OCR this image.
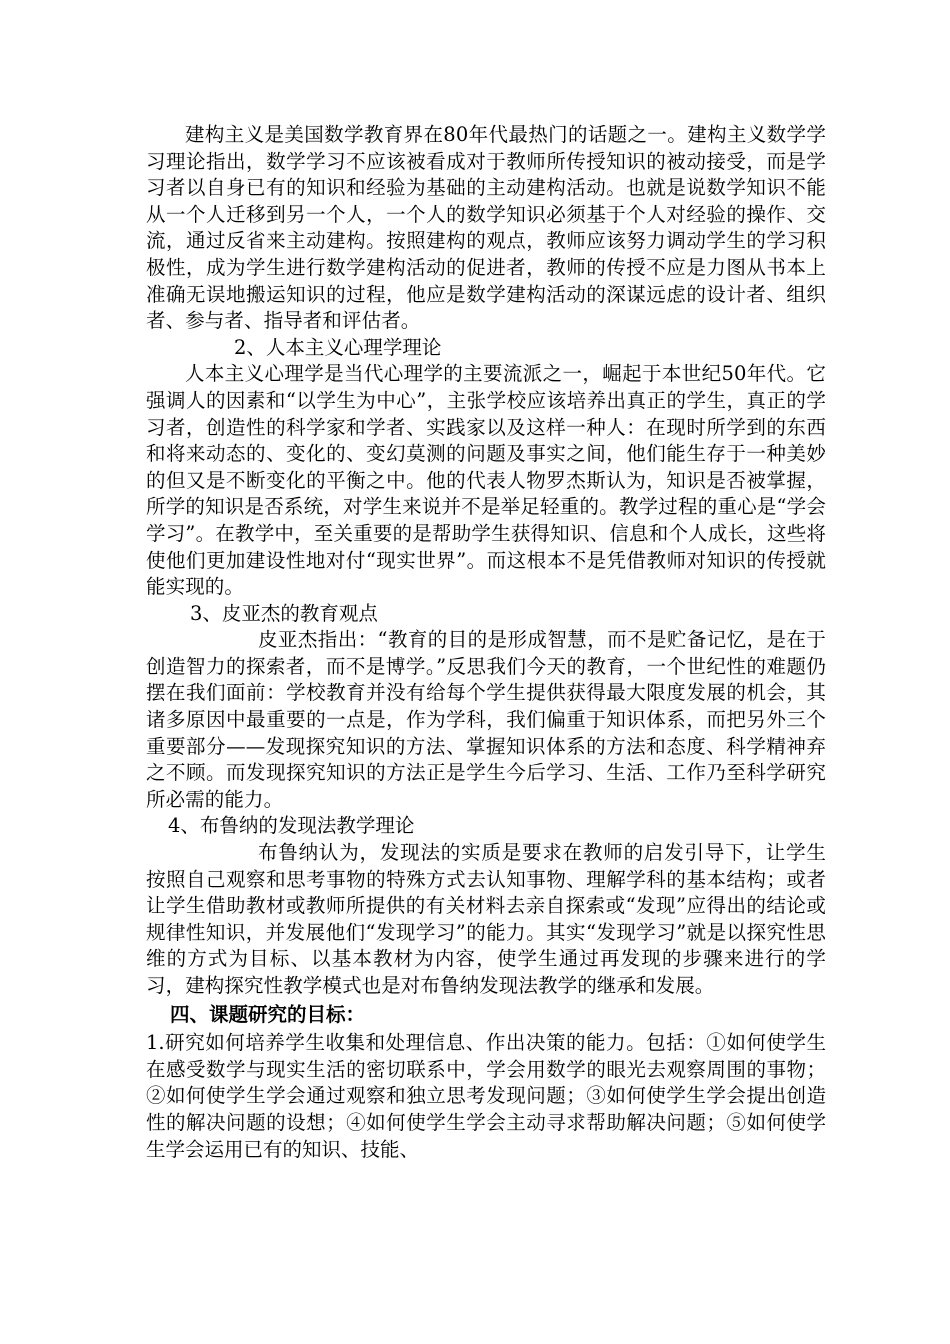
建构主义是美国数学教育界在80年代最热门的话题之一。建构主义数学学习理论指出，数学学习不应该被看成对于教师所传授知识的被动接受，而是学习者以自身已有的知识和经验为基础的主动建构活动。也就是说数学知识不能从一个人迁移到另一个人，一个人的数学知识必须基于个人对经验的操作、交流，通过反省来主动建构。按照建构的观点，教师应该努力调动学生的学习积极性，成为学生进行数学建构活动的促进者，教师的传授不应是力图从书本上准确无误地搬运知识的过程，他应是数学建构活动的深谋远虑的设计者、组织者、参与者、指导者和评估者。

2、人本主义心理学理论

人本主义心理学是当代心理学的主要流派之一，崛起于本世纪50年代。它强调人的因素和“以学生为中心”，主张学校应该培养出真正的学生，真正的学习者，创造性的科学家和学者、实践家以及这样一种人：在现时所学到的东西和将来动态的、变化的、变幻莫测的问题及事实之间，他们能生存于一种美妙的但又是不断变化的平衡之中。他的代表人物罗杰斯认为，知识是否被掌握，所学的知识是否系统，对学生来说并不是举足轻重的。教学过程的重心是“学会学习”。在教学中，至关重要的是帮助学生获得知识、信息和个人成长，这些将使他们更加建设性地对付“现实世界”。而这根本不是凭借教师对知识的传授就能实现的。

3、皮亚杰的教育观点

皮亚杰指出：“教育的目的是形成智慧，而不是贮备记忆，是在于创造智力的探索者，而不是博学。”反思我们今天的教育，一个世纪性的难题仍摆在我们面前：学校教育并没有给每个学生提供获得最大限度发展的机会，其诸多原因中最重要的一点是，作为学科，我们偏重于知识体系，而把另外三个重要部分——发现探究知识的方法、掌握知识体系的方法和态度、科学精神弃之不顾。而发现探究知识的方法正是学生今后学习、生活、工作乃至科学研究所必需的能力。

4、布鲁纳的发现法教学理论

布鲁纳认为，发现法的实质是要求在教师的启发引导下，让学生按照自己观察和思考事物的特殊方式去认知事物、理解学科的基本结构；或者让学生借助教材或教师所提供的有关材料去亲自探索或“发现”应得出的结论或规律性知识，并发展他们“发现学习”的能力。其实“发现学习”就是以探究性思维的方式为目标、以基本教材为内容，使学生通过再发现的步骤来进行的学习，建构探究性教学模式也是对布鲁纳发现法教学的继承和发展。

四、课题研究的目标：

1.研究如何培养学生收集和处理信息、作出决策的能力。包括：①如何使学生在感受数学与现实生活的密切联系中，学会用数学的眼光去观察周围的事物；②如何使学生学会通过观察和独立思考发现问题；③如何使学生学会提出创造性的解决问题的设想；④如何使学生学会主动寻求帮助解决问题；⑤如何使学生学会运用已有的知识、技能、
